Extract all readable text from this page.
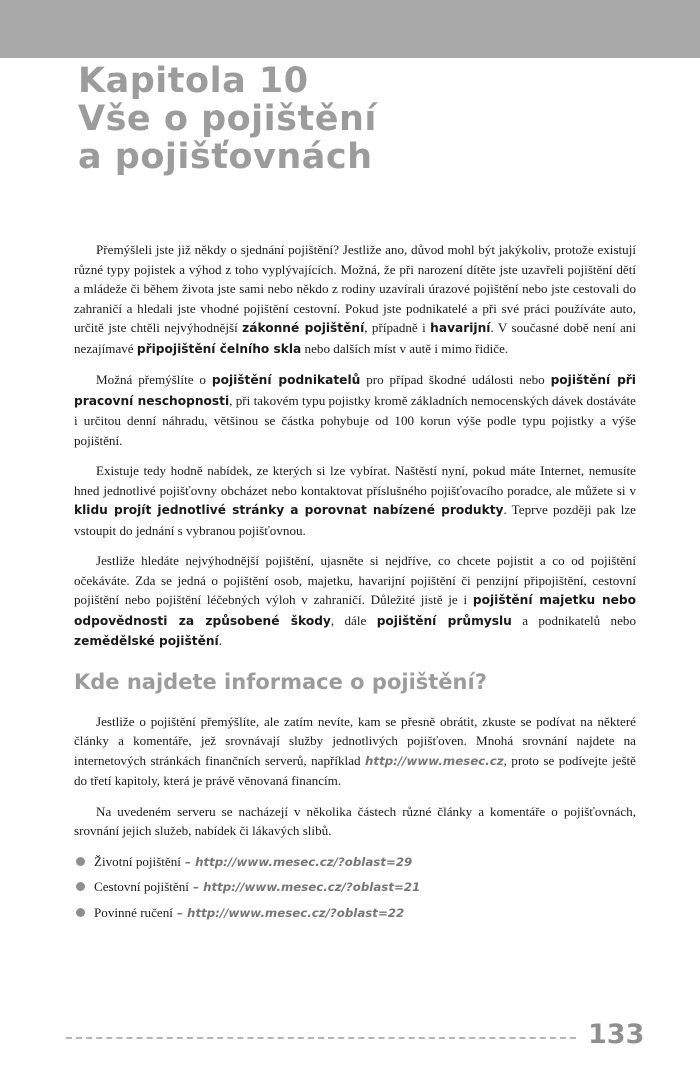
Kapitola 10
Vše o pojištění
a pojišťovnách

Přemýšleli jste již někdy o sjednání pojištění? Jestliže ano, důvod mohl být jakýkoliv, protože existují různé typy pojistek a výhod z toho vyplývajících. Možná, že při narození dítěte jste uzavřeli pojištění dětí a mládeže či během života jste sami nebo někdo z rodiny uzavírali úrazové pojištění nebo jste cestovali do zahraničí a hledali jste vhodné pojištění cestovní. Pokud jste podnikatelé a při své práci používáte auto, určitě jste chtěli nejvýhodnější zákonné pojištění, případně i havarijní. V současné době není ani nezajímavé připojištění čelního skla nebo dalších míst v autě i mimo řidiče.

Možná přemýšlíte o pojištění podnikatelů pro případ škodné události nebo pojištění při pracovní neschopnosti, při takovém typu pojistky kromě základních nemocenských dávek dostáváte i určitou denní náhradu, většinou se částka pohybuje od 100 korun výše podle typu pojistky a výše pojištění.

Existuje tedy hodně nabídek, ze kterých si lze vybírat. Naštěstí nyní, pokud máte Internet, nemusíte hned jednotlivé pojišťovny obcházet nebo kontaktovat příslušného pojišťovacího poradce, ale můžete si v klidu projít jednotlivé stránky a porovnat nabízené produkty. Teprve později pak lze vstoupit do jednání s vybranou pojišťovnou.

Jestliže hledáte nejvýhodnější pojištění, ujasněte si nejdříve, co chcete pojistit a co od pojištění očekáváte. Zda se jedná o pojištění osob, majetku, havarijní pojištění či penzijní připojištění, cestovní pojištění nebo pojištění léčebných výloh v zahraničí. Důležité jistě je i pojištění majetku nebo odpovědnosti za způsobené škody, dále pojištění průmyslu a podnikatelů nebo zemědělské pojištění.

Kde najdete informace o pojištění?

Jestliže o pojištění přemýšlíte, ale zatím nevíte, kam se přesně obrátit, zkuste se podívat na některé články a komentáře, jež srovnávají služby jednotlivých pojišťoven. Mnohá srovnání najdete na internetových stránkách finančních serverů, například http://www.mesec.cz, proto se podívejte ještě do třetí kapitoly, která je právě věnovaná financím.

Na uvedeném serveru se nacházejí v několika částech různé články a komentáře o pojišťovnách, srovnání jejich služeb, nabídek či lákavých slibů.

Životní pojištění – http://www.mesec.cz/?oblast=29
Cestovní pojištění – http://www.mesec.cz/?oblast=21
Povinné ručení – http://www.mesec.cz/?oblast=22
133
